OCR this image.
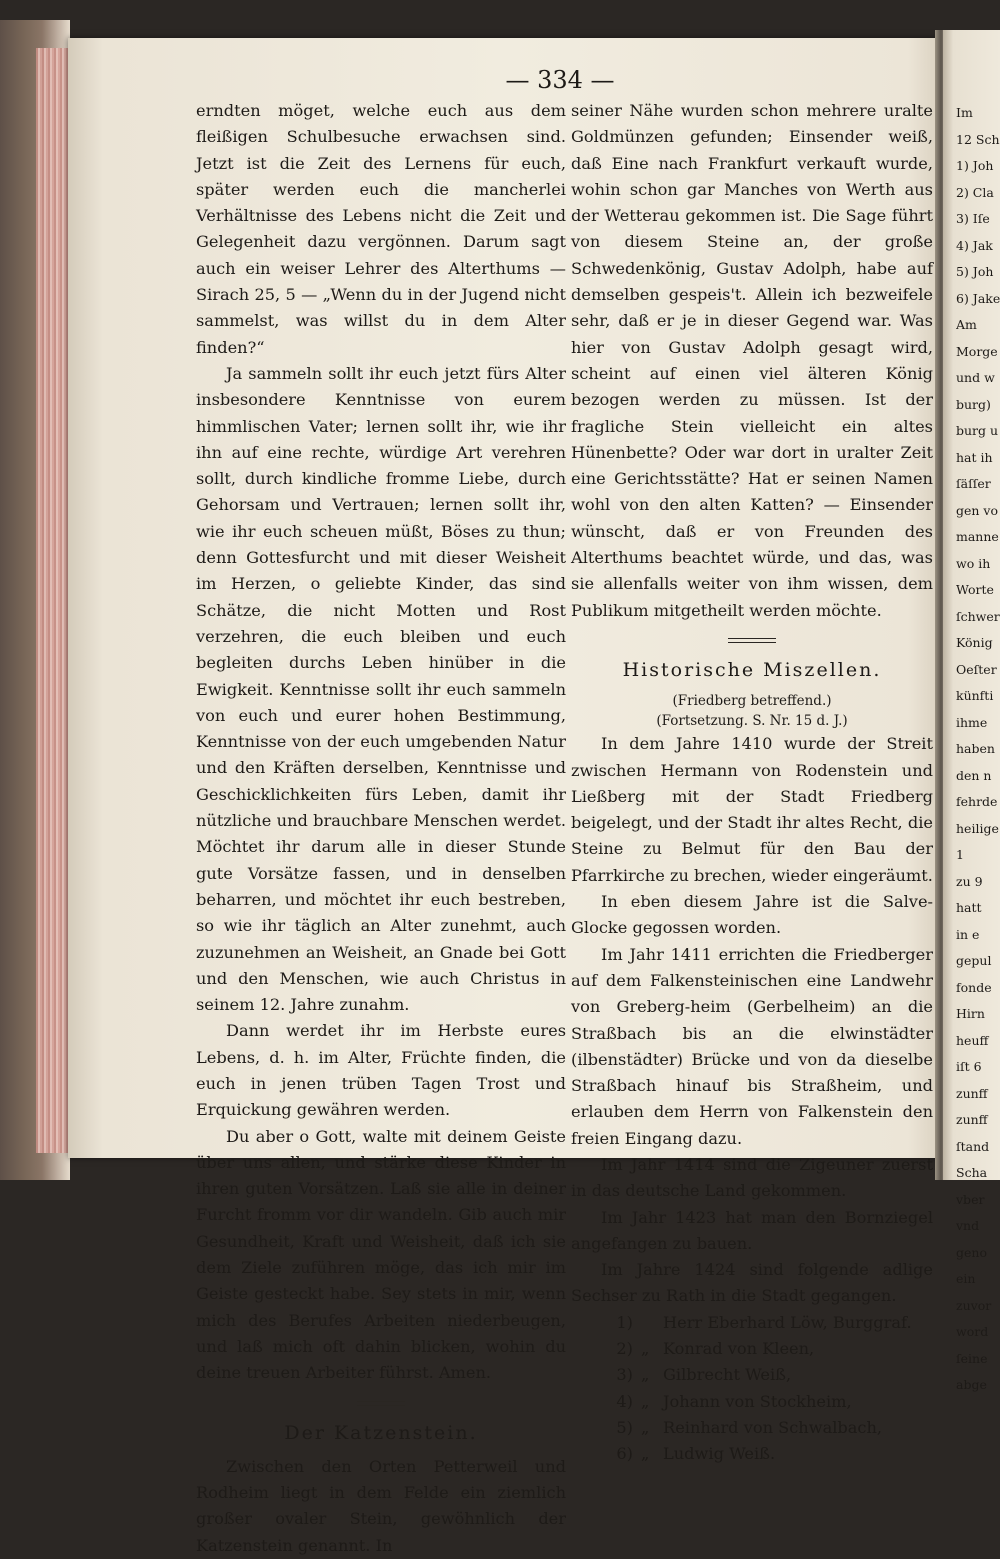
— 334 —

erndten möget, welche euch aus dem fleißigen Schulbesuche erwachsen sind. Jetzt ist die Zeit des Lernens für euch, später werden euch die mancherlei Verhältnisse des Lebens nicht die Zeit und Gelegenheit dazu vergönnen. Darum sagt auch ein weiser Lehrer des Alterthums — Sirach 25, 5 — „Wenn du in der Jugend nicht sammelst, was willst du in dem Alter finden?“

Ja sammeln sollt ihr euch jetzt fürs Alter insbesondere Kenntnisse von eurem himmlischen Vater; lernen sollt ihr, wie ihr ihn auf eine rechte, würdige Art verehren sollt, durch kindliche fromme Liebe, durch Gehorsam und Vertrauen; lernen sollt ihr, wie ihr euch scheuen müßt, Böses zu thun; denn Gottesfurcht und mit dieser Weisheit im Herzen, o geliebte Kinder, das sind Schätze, die nicht Motten und Rost verzehren, die euch bleiben und euch begleiten durchs Leben hinüber in die Ewigkeit. Kenntnisse sollt ihr euch sammeln von euch und eurer hohen Bestimmung, Kenntnisse von der euch umgebenden Natur und den Kräften derselben, Kenntnisse und Geschicklichkeiten fürs Leben, damit ihr nützliche und brauchbare Menschen werdet. Möchtet ihr darum alle in dieser Stunde gute Vorsätze fassen, und in denselben beharren, und möchtet ihr euch bestreben, so wie ihr täglich an Alter zunehmt, auch zuzunehmen an Weisheit, an Gnade bei Gott und den Menschen, wie auch Christus in seinem 12. Jahre zunahm.

Dann werdet ihr im Herbste eures Lebens, d. h. im Alter, Früchte finden, die euch in jenen trüben Tagen Trost und Erquickung gewähren werden.

Du aber o Gott, walte mit deinem Geiste über uns allen, und stärke diese Kinder in ihren guten Vorsätzen. Laß sie alle in deiner Furcht fromm vor dir wandeln. Gib auch mir Gesundheit, Kraft und Weisheit, daß ich sie dem Ziele zuführen möge, das ich mir im Geiste gesteckt habe. Sey stets in mir, wenn mich des Berufes Arbeiten niederbeugen, und laß mich oft dahin blicken, wohin du deine treuen Arbeiter führst. Amen.

Der Katzenstein.

Zwischen den Orten Petterweil und Rodheim liegt in dem Felde ein ziemlich großer ovaler Stein, gewöhnlich der Katzenstein genannt. In

seiner Nähe wurden schon mehrere uralte Goldmünzen gefunden; Einsender weiß, daß Eine nach Frankfurt verkauft wurde, wohin schon gar Manches von Werth aus der Wetterau gekommen ist. Die Sage führt von diesem Steine an, der große Schwedenkönig, Gustav Adolph, habe auf demselben gespeis't. Allein ich bezweifele sehr, daß er je in dieser Gegend war. Was hier von Gustav Adolph gesagt wird, scheint auf einen viel älteren König bezogen werden zu müssen. Ist der fragliche Stein vielleicht ein altes Hünenbette? Oder war dort in uralter Zeit eine Gerichtsstätte? Hat er seinen Namen wohl von den alten Katten? — Einsender wünscht, daß er von Freunden des Alterthums beachtet würde, und das, was sie allenfalls weiter von ihm wissen, dem Publikum mitgetheilt werden möchte.

Historische Miszellen.
(Friedberg betreffend.)
(Fortsetzung. S. Nr. 15 d. J.)

In dem Jahre 1410 wurde der Streit zwischen Hermann von Rodenstein und Ließberg mit der Stadt Friedberg beigelegt, und der Stadt ihr altes Recht, die Steine zu Belmut für den Bau der Pfarrkirche zu brechen, wieder eingeräumt.

In eben diesem Jahre ist die Salve-Glocke gegossen worden.

Im Jahr 1411 errichten die Friedberger auf dem Falkensteinischen eine Landwehr von Greberg-heim (Gerbelheim) an die Straßbach bis an die elwinstädter (ilbenstädter) Brücke und von da dieselbe Straßbach hinauf bis Straßheim, und erlauben dem Herrn von Falkenstein den freien Eingang dazu.

Im Jahr 1414 sind die Zigeuner zuerst in das deutsche Land gekommen.

Im Jahr 1423 hat man den Bornziegel angefangen zu bauen.

Im Jahre 1424 sind folgende adlige Sechser zu Rath in die Stadt gegangen.

1)	Herr Eberhard Löw, Burggraf.
2) „ Konrad von Kleen,
3) „ Gilbrecht Weiß,
4) „ Johann von Stockheim,
5) „ Reinhard von Schwalbach,
6) „ Ludwig Weiß.
Im
12 Sch
1) Joh
2) Cla
3) Iſe
4) Jak
5) Joh
6) Jake
Am
Morge
und w
burg)
burg u
hat ih
ſäſſer
gen vo
manne
wo ih
Worte
ſchwer
König
Oeſter
künfti
ihme
haben
den n
fehrde
heilige
1
zu 9
hatt
in e
gepul
fonde
Hirn
heuff
iſt 6
zunff
zunff
ſtand
Scha
vber
vnd
geno
ein
zuvor
word
ſeine
abge
